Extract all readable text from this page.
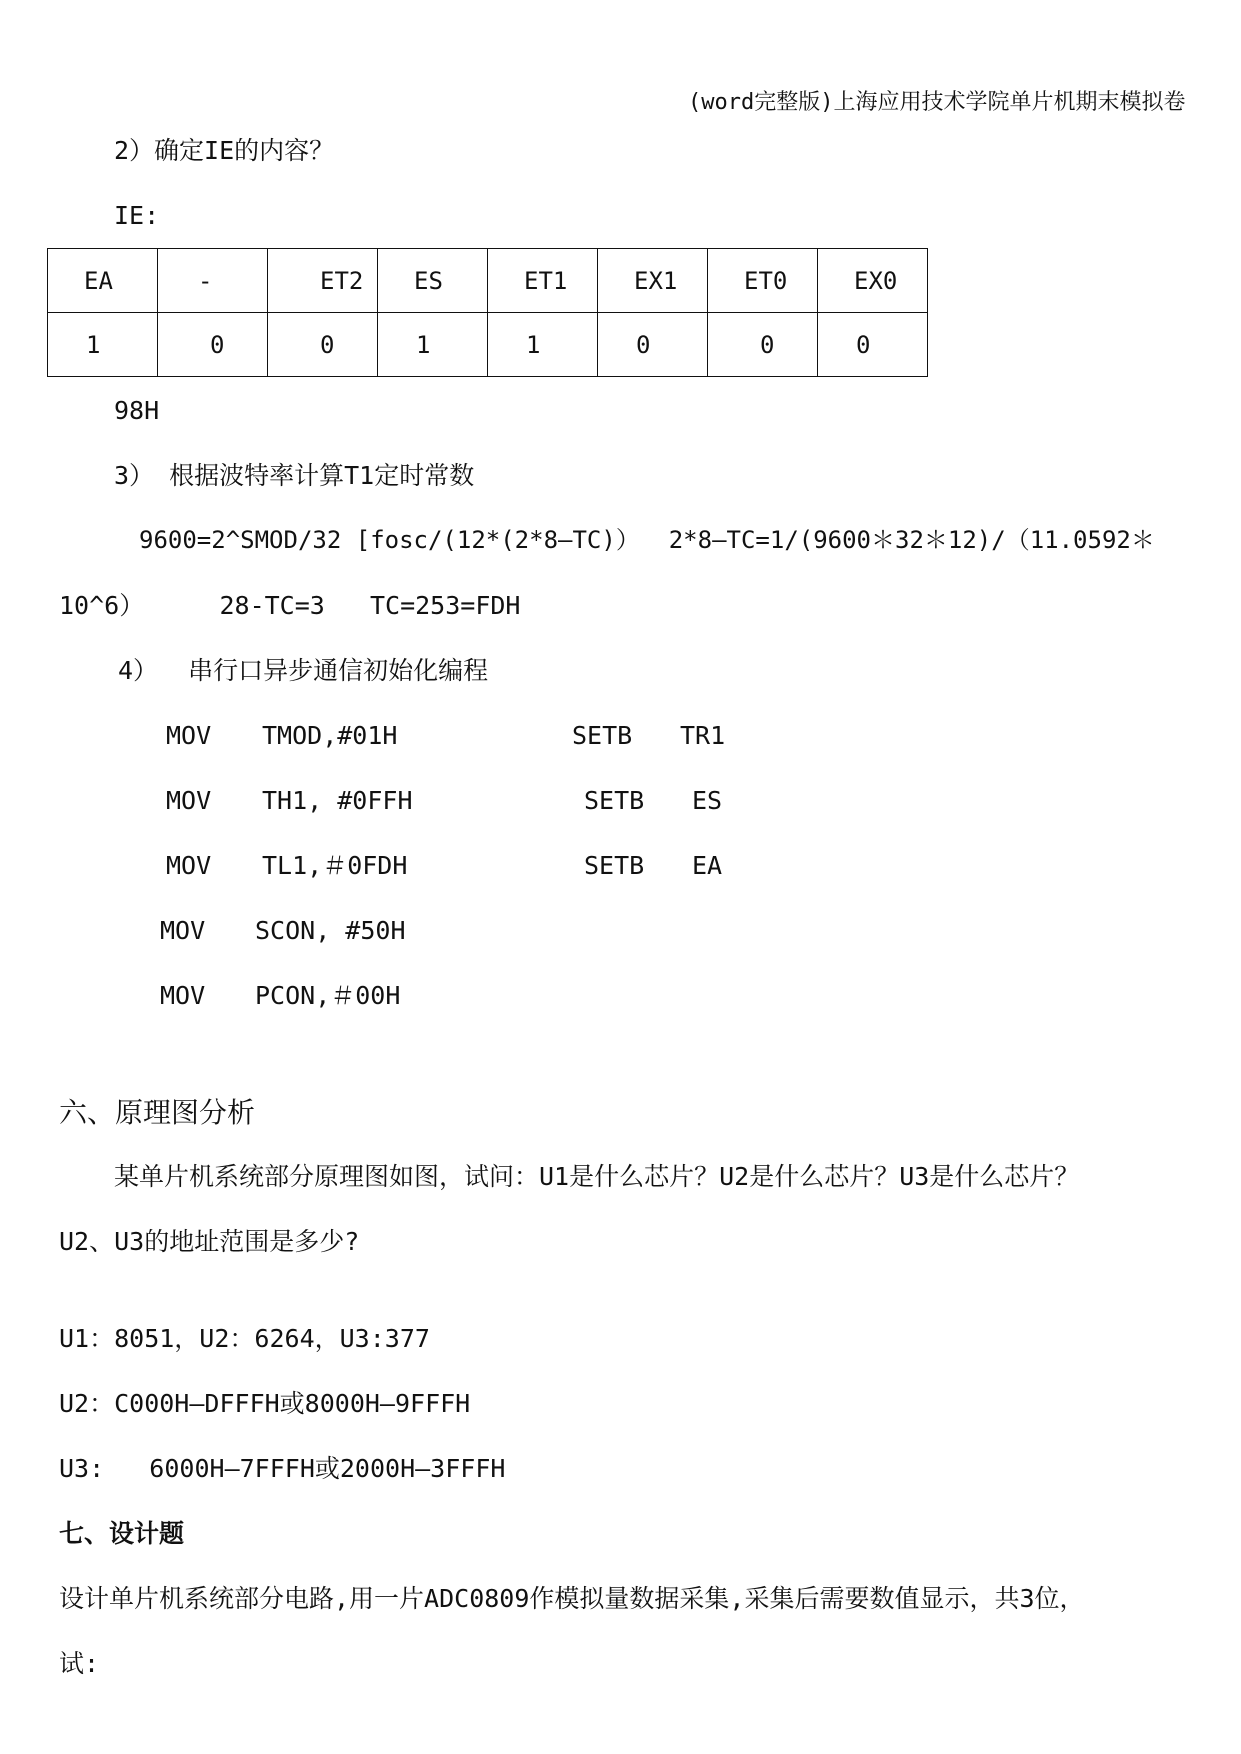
(word完整版)上海应用技术学院单片机期末模拟卷
2）确定IE的内容？
IE:
EA	-	ET2	ES	ET1	EX1	ET0	EX0
1	0	0	1	1	0	0	0
98H
3） 根据波特率计算T1定时常数
9600=2^SMOD/32 [fosc/(12*(2*8—TC)）  2*8—TC=1/(9600＊32＊12)/（11.0592＊
10^6）     28-TC=3   TC=253=FDH
4）  串行口异步通信初始化编程
MOV TMOD,#01H	SETB TR1
MOV TH1, #0FFH	SETB ES
MOV TL1,＃0FDH	SETB EA
MOV SCON, #50H
MOV PCON,＃00H
六、原理图分析
某单片机系统部分原理图如图，试问：U1是什么芯片？U2是什么芯片？U3是什么芯片？
U2、U3的地址范围是多少?
U1：8051，U2：6264，U3:377
U2：C000H—DFFFH或8000H—9FFFH
U3:   6000H—7FFFH或2000H—3FFFH
七、设计题
设计单片机系统部分电路,用一片ADC0809作模拟量数据采集,采集后需要数值显示，共3位，
试:
